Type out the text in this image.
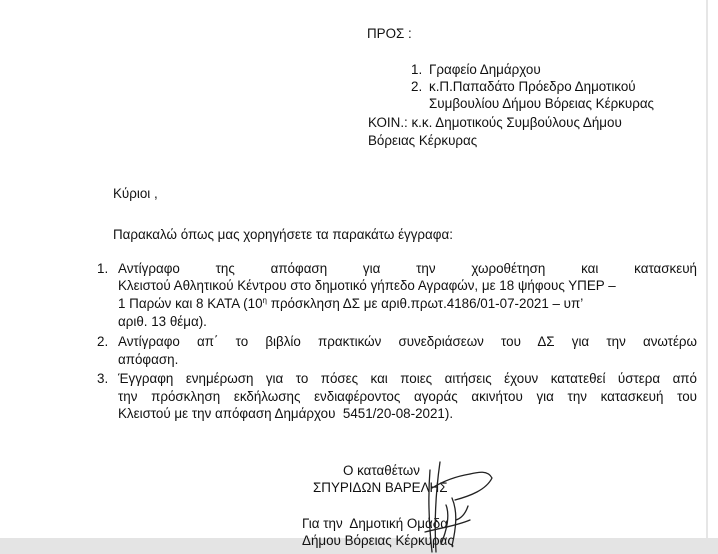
ΠΡΟΣ :
1. Γραφείο Δημάρχου
2. κ.Π.Παπαδάτο Πρόεδρο Δημοτικού
Συμβουλίου Δήμου Βόρειας Κέρκυρας
ΚΟΙΝ.: κ.κ. Δημοτικούς Συμβούλους Δήμου
Βόρειας Κέρκυρας
Κύριοι ,
Παρακαλώ όπως μας χορηγήσετε τα παρακάτω έγγραφα:
1. Αντίγραφο της απόφαση για την χωροθέτηση και κατασκευή
Κλειστού Αθλητικού Κέντρου στο δημοτικό γήπεδο Αγραφών, με 18 ψήφους ΥΠΕΡ –
1 Παρών και 8 ΚΑΤΑ ($10^\eta$ πρόσκληση ΔΣ με αριθ.πρωτ.4186/01-07-2021 – υπ’
αριθ. 13 θέμα).
2. Αντίγραφο απ΄ το βιβλίο πρακτικών συνεδριάσεων του ΔΣ για την ανωτέρω
απόφαση.
3. Έγγραφη ενημέρωση για το πόσες και ποιες αιτήσεις έχουν κατατεθεί ύστερα από
την πρόσκληση εκδήλωσης ενδιαφέροντος αγοράς ακινήτου για την κατασκευή του
Κλειστού με την απόφαση Δημάρχου  5451/20-08-2021).
Ο καταθέτων
ΣΠΥΡΙΔΩΝ ΒΑΡΕΛΗΣ
Για την  Δημοτική Ομάδα
Δήμου Βόρειας Κέρκυρας
